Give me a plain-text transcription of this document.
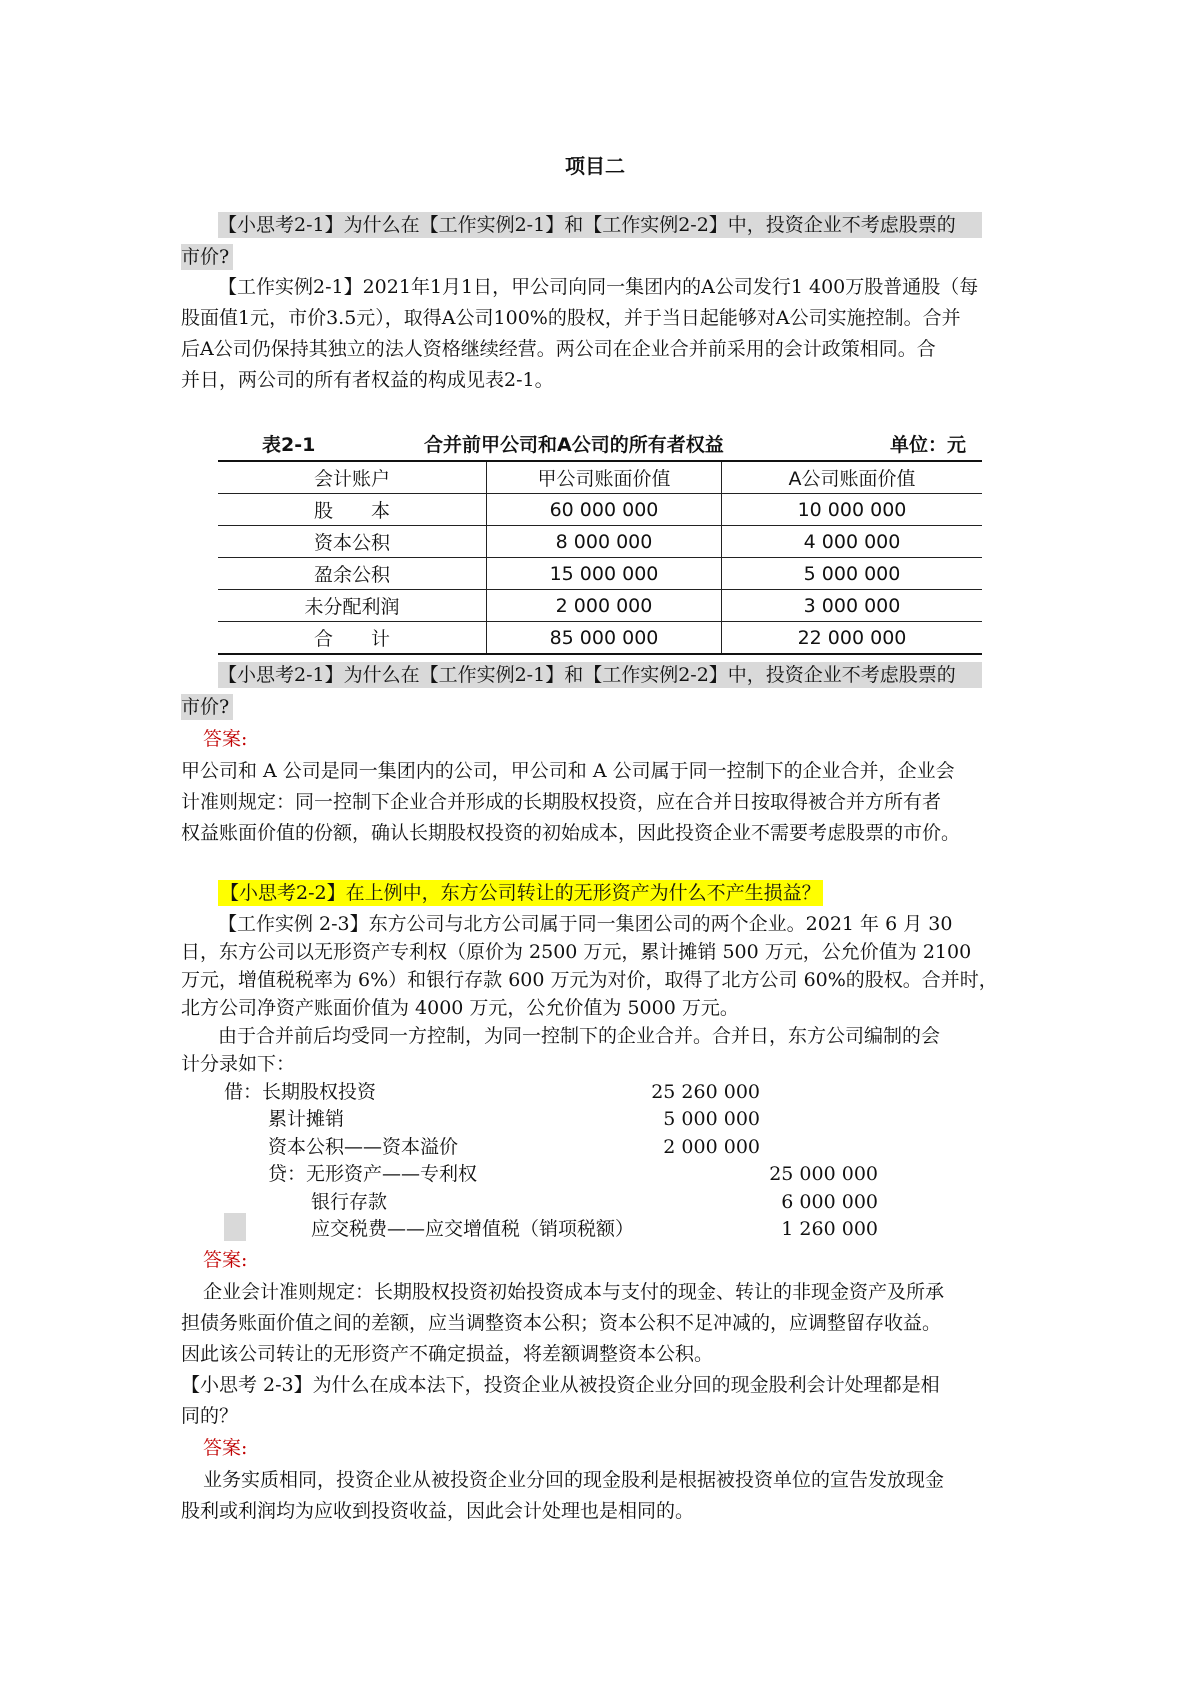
项目二
【小思考2-1】为什么在【工作实例2-1】和【工作实例2-2】中，投资企业不考虑股票的
市价?
【工作实例2-1】2021年1月1日，甲公司向同一集团内的A公司发行1 400万股普通股（每
股面值1元，市价3.5元），取得A公司100%的股权，并于当日起能够对A公司实施控制。合并
后A公司仍保持其独立的法人资格继续经营。两公司在企业合并前采用的会计政策相同。合
并日，两公司的所有者权益的构成见表2-1。
表2-1	合并前甲公司和A公司的所有者权益	单位：元
会计账户	甲公司账面价值	A公司账面价值
股　　本	60 000 000	10 000 000
资本公积	8 000 000	4 000 000
盈余公积	15 000 000	5 000 000
未分配利润	2 000 000	3 000 000
合　　计	85 000 000	22 000 000
【小思考2-1】为什么在【工作实例2-1】和【工作实例2-2】中，投资企业不考虑股票的
市价?
答案:
甲公司和 A 公司是同一集团内的公司，甲公司和 A 公司属于同一控制下的企业合并，企业会
计准则规定：同一控制下企业合并形成的长期股权投资，应在合并日按取得被合并方所有者
权益账面价值的份额，确认长期股权投资的初始成本，因此投资企业不需要考虑股票的市价。
【小思考2-2】在上例中，东方公司转让的无形资产为什么不产生损益？
【工作实例 2-3】东方公司与北方公司属于同一集团公司的两个企业。2021 年 6 月 30
日，东方公司以无形资产专利权（原价为 2500 万元，累计摊销 500 万元，公允价值为 2100
万元，增值税税率为 6%）和银行存款 600 万元为对价，取得了北方公司 60%的股权。合并时，
北方公司净资产账面价值为 4000 万元，公允价值为 5000 万元。
由于合并前后均受同一方控制，为同一控制下的企业合并。合并日，东方公司编制的会
计分录如下：
借：长期股权投资	25 260 000
累计摊销	5 000 000
资本公积——资本溢价	2 000 000
贷：无形资产——专利权	25 000 000
银行存款	6 000 000
应交税费——应交增值税（销项税额）	1 260 000
答案:
企业会计准则规定：长期股权投资初始投资成本与支付的现金、转让的非现金资产及所承
担债务账面价值之间的差额，应当调整资本公积；资本公积不足冲减的，应调整留存收益。
因此该公司转让的无形资产不确定损益，将差额调整资本公积。
【小思考 2-3】为什么在成本法下，投资企业从被投资企业分回的现金股利会计处理都是相
同的？
答案:
业务实质相同，投资企业从被投资企业分回的现金股利是根据被投资单位的宣告发放现金
股利或利润均为应收到投资收益，因此会计处理也是相同的。
